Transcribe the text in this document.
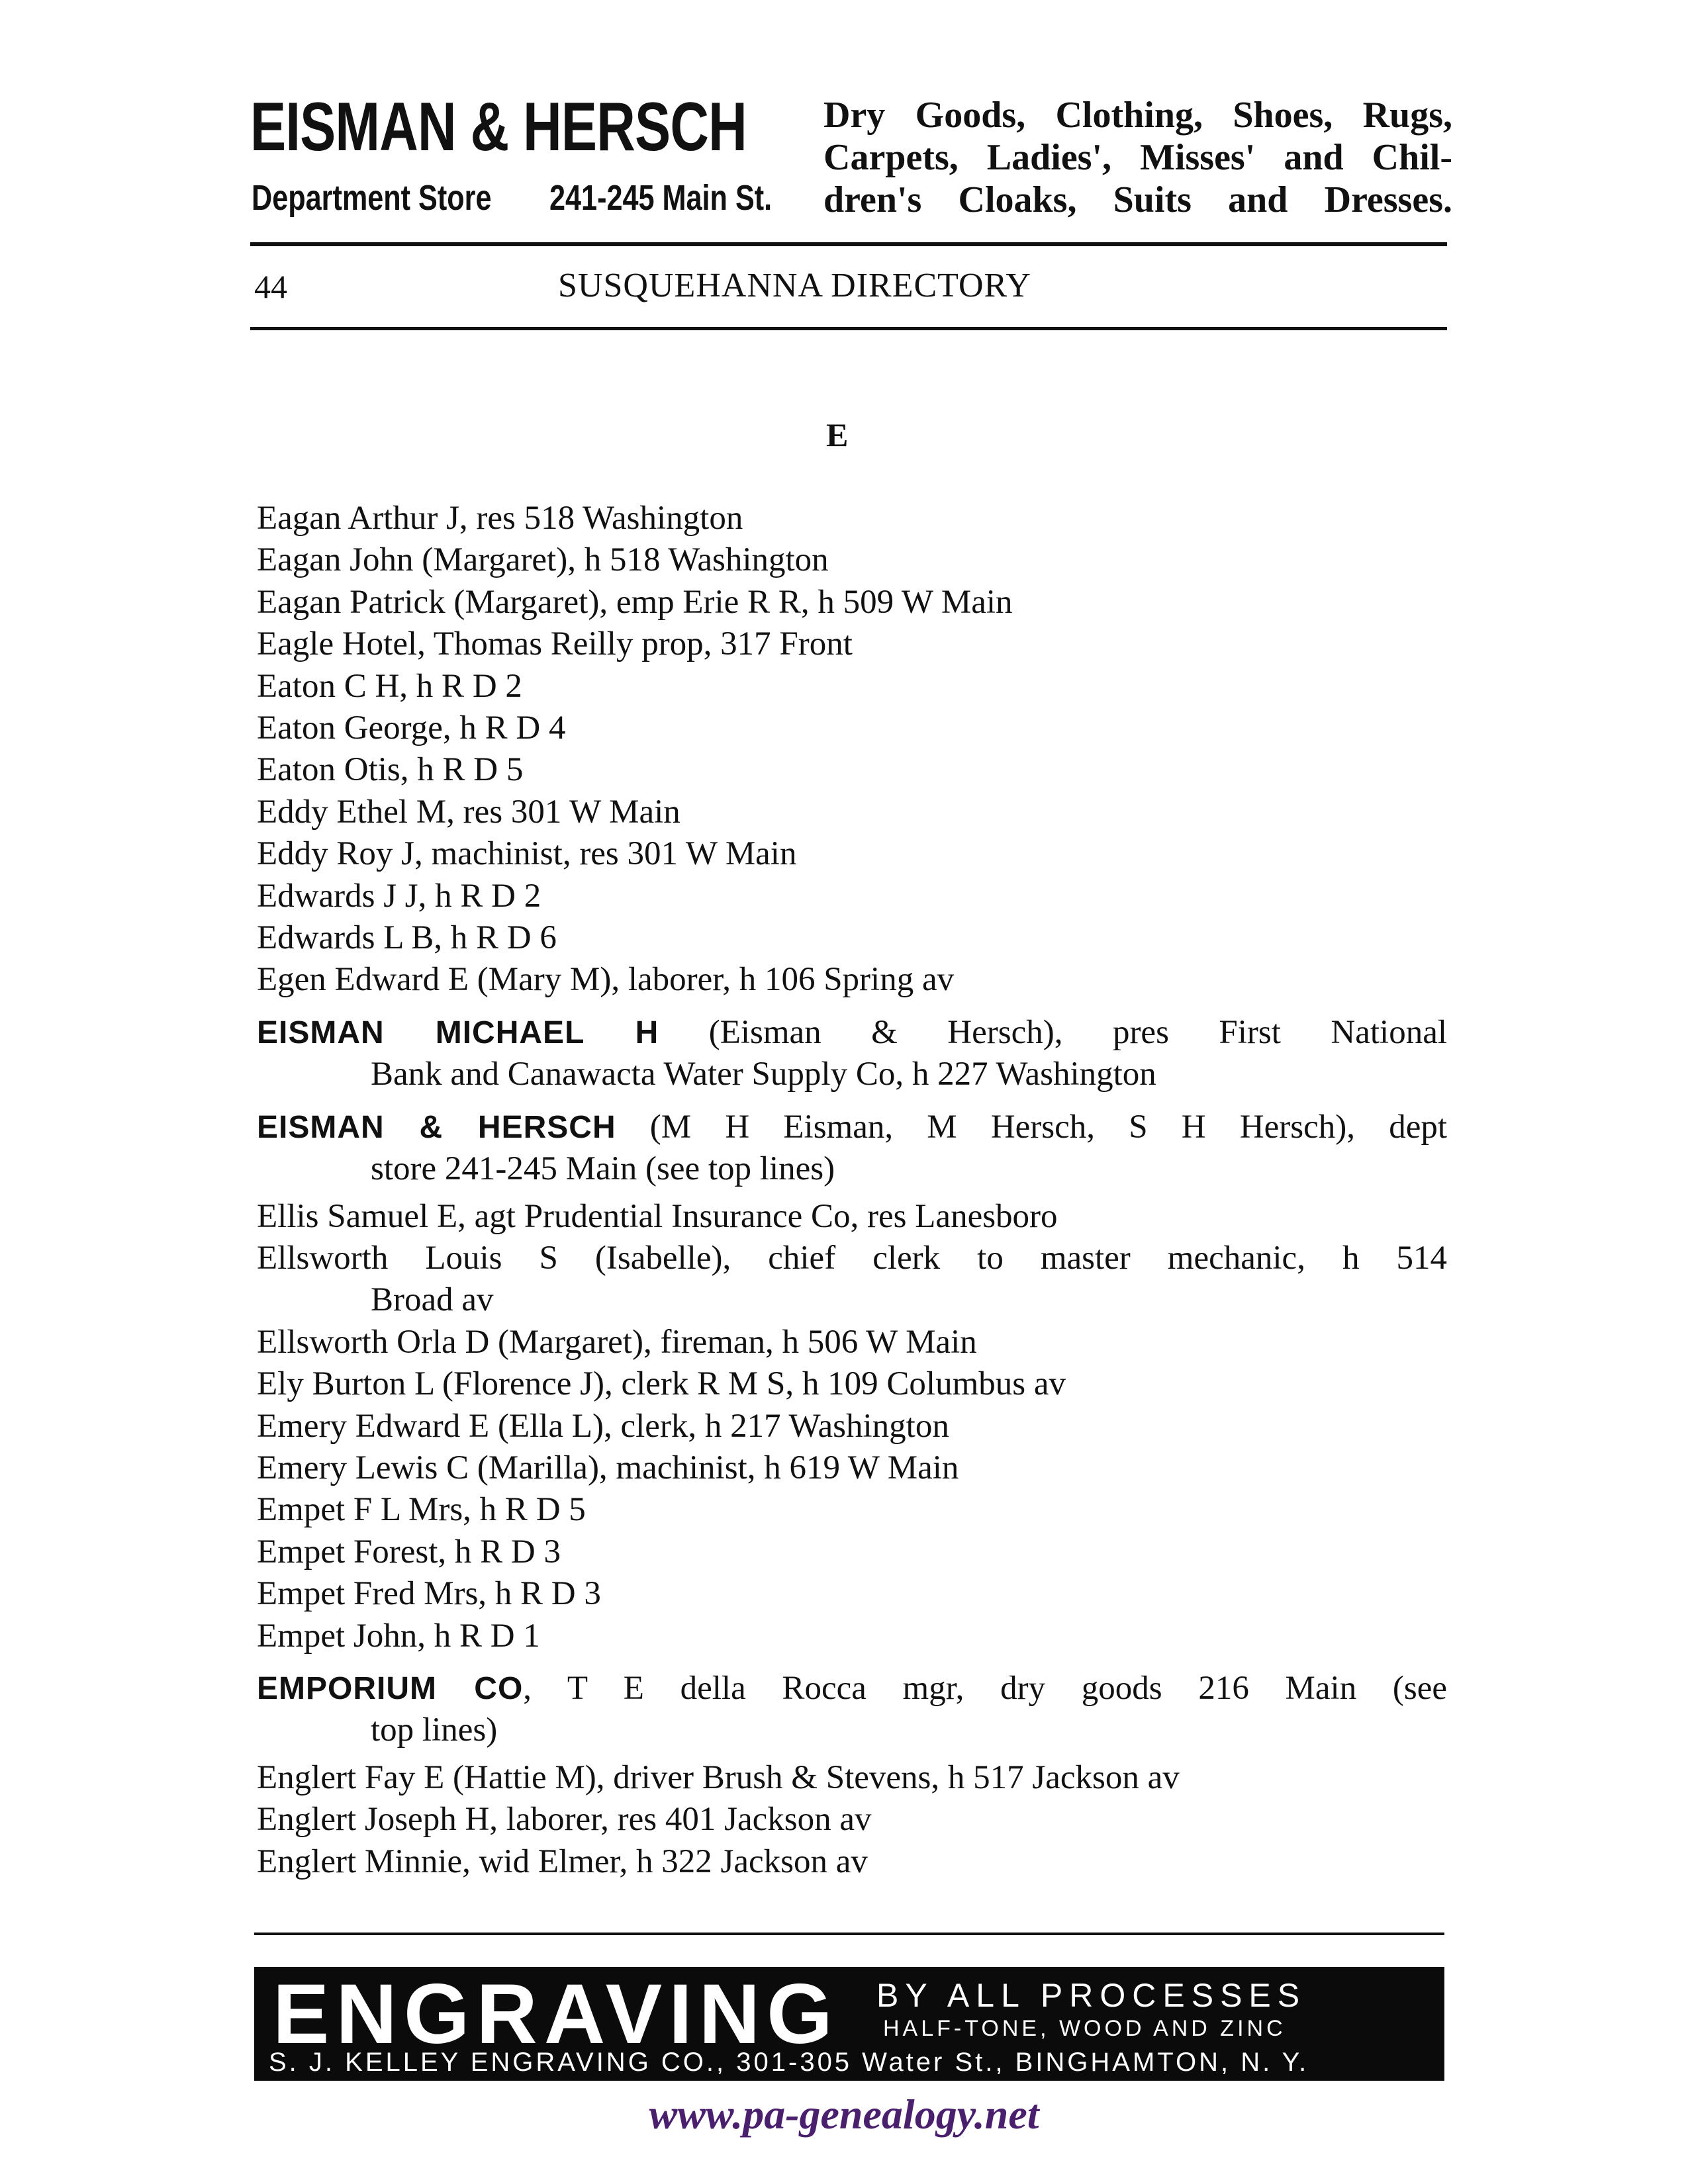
EISMAN & HERSCH
Department Store 241-245 Main St.
Dry Goods, Clothing, Shoes, Rugs,
Carpets, Ladies', Misses' and Chil-
dren's Cloaks, Suits and Dresses.
44	SUSQUEHANNA DIRECTORY
E
Eagan Arthur J, res 518 Washington
Eagan John (Margaret), h 518 Washington
Eagan Patrick (Margaret), emp Erie R R, h 509 W Main
Eagle Hotel, Thomas Reilly prop, 317 Front
Eaton C H, h R D 2
Eaton George, h R D 4
Eaton Otis, h R D 5
Eddy Ethel M, res 301 W Main
Eddy Roy J, machinist, res 301 W Main
Edwards J J, h R D 2
Edwards L B, h R D 6
Egen Edward E (Mary M), laborer, h 106 Spring av
EISMAN MICHAEL H (Eisman & Hersch), pres First National
Bank and Canawacta Water Supply Co, h 227 Washington
EISMAN & HERSCH (M H Eisman, M Hersch, S H Hersch), dept
store 241-245 Main (see top lines)
Ellis Samuel E, agt Prudential Insurance Co, res Lanesboro
Ellsworth Louis S (Isabelle), chief clerk to master mechanic, h 514
Broad av
Ellsworth Orla D (Margaret), fireman, h 506 W Main
Ely Burton L (Florence J), clerk R M S, h 109 Columbus av
Emery Edward E (Ella L), clerk, h 217 Washington
Emery Lewis C (Marilla), machinist, h 619 W Main
Empet F L Mrs, h R D 5
Empet Forest, h R D 3
Empet Fred Mrs, h R D 3
Empet John, h R D 1
EMPORIUM CO, T E della Rocca mgr, dry goods 216 Main (see
top lines)
Englert Fay E (Hattie M), driver Brush & Stevens, h 517 Jackson av
Englert Joseph H, laborer, res 401 Jackson av
Englert Minnie, wid Elmer, h 322 Jackson av
ENGRAVING BY ALL PROCESSES
HALF-TONE, WOOD AND ZINC
S. J. KELLEY ENGRAVING CO., 301-305 Water St., BINGHAMTON, N. Y.
www.pa-genealogy.net
